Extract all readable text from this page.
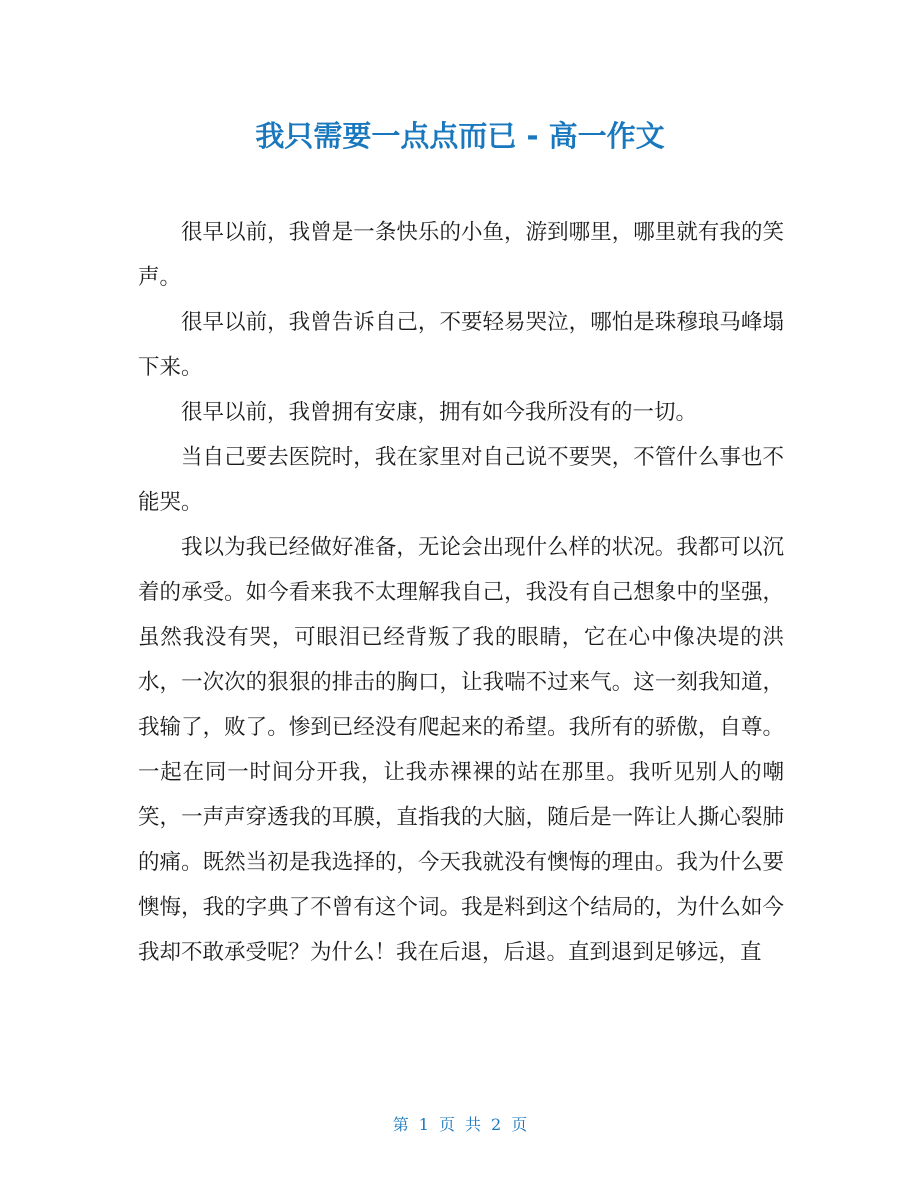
我只需要一点点而已 - 高一作文

很早以前，我曾是一条快乐的小鱼，游到哪里，哪里就有我的笑声。

很早以前，我曾告诉自己，不要轻易哭泣，哪怕是珠穆琅马峰塌下来。

很早以前，我曾拥有安康，拥有如今我所没有的一切。

当自己要去医院时，我在家里对自己说不要哭，不管什么事也不能哭。

我以为我已经做好准备，无论会出现什么样的状况。我都可以沉着的承受。如今看来我不太理解我自己，我没有自己想象中的坚强，虽然我没有哭，可眼泪已经背叛了我的眼睛，它在心中像决堤的洪水，一次次的狠狠的排击的胸口，让我喘不过来气。这一刻我知道，我输了，败了。惨到已经没有爬起来的希望。我所有的骄傲，自尊。一起在同一时间分开我，让我赤裸裸的站在那里。我听见别人的嘲笑，一声声穿透我的耳膜，直指我的大脑，随后是一阵让人撕心裂肺的痛。既然当初是我选择的，今天我就没有懊悔的理由。我为什么要懊悔，我的字典了不曾有这个词。我是料到这个结局的，为什么如今我却不敢承受呢？为什么！我在后退，后退。直到退到足够远，直

第 1 页 共 2 页
